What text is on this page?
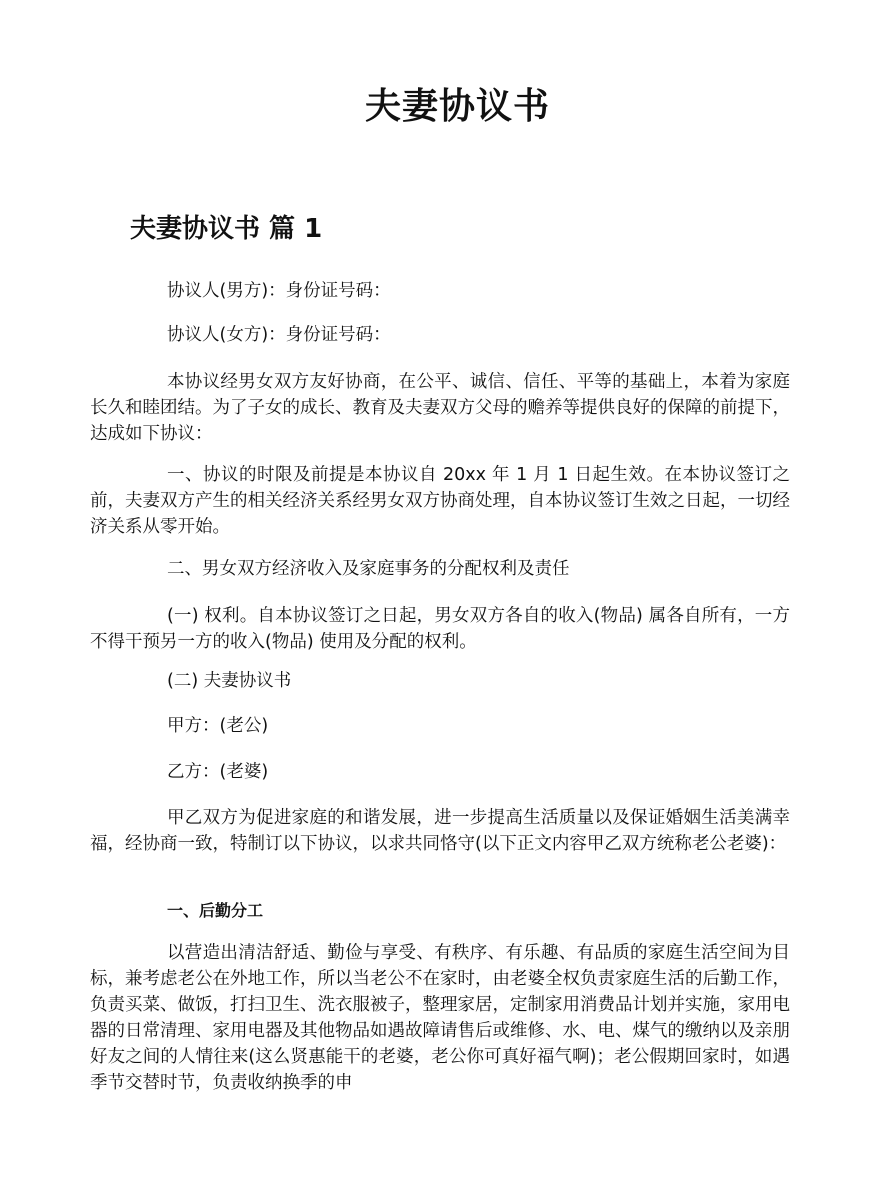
夫妻协议书
夫妻协议书 篇 1

协议人(男方)：身份证号码：

协议人(女方)：身份证号码：

本协议经男女双方友好协商，在公平、诚信、信任、平等的基础上，本着为家庭长久和睦团结。为了子女的成长、教育及夫妻双方父母的赡养等提供良好的保障的前提下，达成如下协议：

一、协议的时限及前提是本协议自 20xx 年 1 月 1 日起生效。在本协议签订之前，夫妻双方产生的相关经济关系经男女双方协商处理，自本协议签订生效之日起，一切经济关系从零开始。

二、男女双方经济收入及家庭事务的分配权利及责任

(一) 权利。自本协议签订之日起，男女双方各自的收入(物品) 属各自所有，一方不得干预另一方的收入(物品) 使用及分配的权利。

(二) 夫妻协议书

甲方：(老公)

乙方：(老婆)

甲乙双方为促进家庭的和谐发展，进一步提高生活质量以及保证婚姻生活美满幸福，经协商一致，特制订以下协议，以求共同恪守(以下正文内容甲乙双方统称老公老婆)：

一、后勤分工

以营造出清洁舒适、勤俭与享受、有秩序、有乐趣、有品质的家庭生活空间为目标，兼考虑老公在外地工作，所以当老公不在家时，由老婆全权负责家庭生活的后勤工作，负责买菜、做饭，打扫卫生、洗衣服被子，整理家居，定制家用消费品计划并实施，家用电器的日常清理、家用电器及其他物品如遇故障请售后或维修、水、电、煤气的缴纳以及亲朋好友之间的人情往来(这么贤惠能干的老婆，老公你可真好福气啊)；老公假期回家时，如遇季节交替时节，负责收纳换季的申
